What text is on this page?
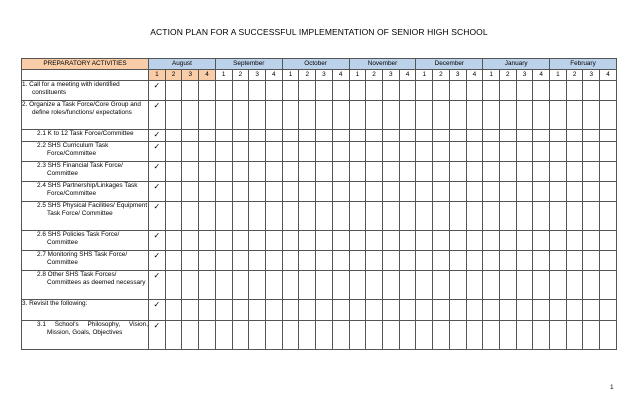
ACTION PLAN FOR A SUCCESSFUL IMPLEMENTATION OF SENIOR HIGH SCHOOL
PREPARATORY ACTIVITIES	August				September				October				November				December				January				February			
	1	2	3	4	1	2	3	4	1	2	3	4	1	2	3	4	1	2	3	4	1	2	3	4	1	2	3	4

1. Call for a meeting with identified constituents	✓																											

2. Organize a Task Force/Core Group and define roles/functions/ expectations	✓																											

2.1 K to 12 Task Force/Committee	✓																											

2.2 SHS Curriculum Task Force/Committee	✓																											

2.3 SHS Financial Task Force/ Committee	✓																											

2.4 SHS Partnership/Linkages Task Force/Committee	✓																											

2.5 SHS Physical Facilities/ Equipment Task Force/ Committee	✓																											

2.6 SHS Policies Task Force/ Committee	✓																											

2.7 Monitoring SHS Task Force/ Committee	✓																											

2.8 Other SHS Task Forces/ Committees as deemed necessary	✓																											

3. Revisit the following:	✓																											

3.1 School's Philosophy, Vision, Mission, Goals, Objectives	✓																											
1
